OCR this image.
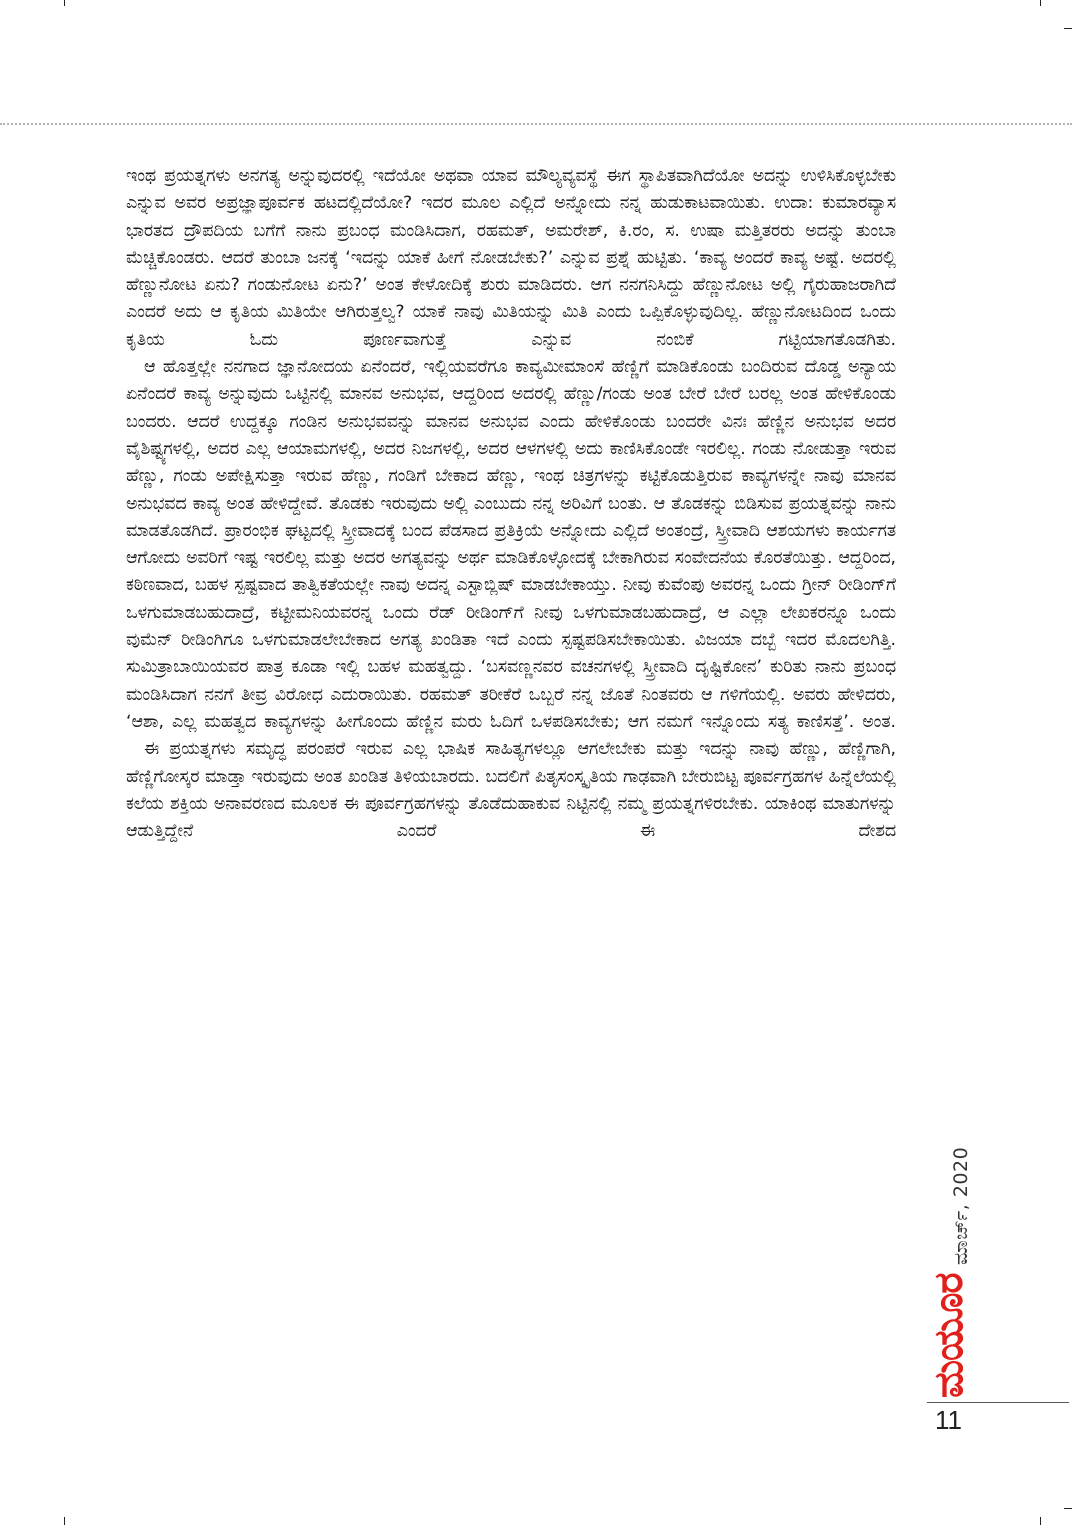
ಇಂಥ ಪ್ರಯತ್ನಗಳು ಅನಗತ್ಯ ಅನ್ನುವುದರಲ್ಲಿ ಇದೆಯೋ ಅಥವಾ ಯಾವ ಮೌಲ್ಯವ್ಯವಸ್ಥೆ ಈಗ ಸ್ಥಾಪಿತವಾಗಿದೆಯೋ ಅದನ್ನು ಉಳಿಸಿಕೊಳ್ಳಬೇಕು ಎನ್ನುವ ಅವರ ಅಪ್ರಜ್ಞಾಪೂರ್ವಕ ಹಟದಲ್ಲಿದೆಯೋ? ಇದರ ಮೂಲ ಎಲ್ಲಿದೆ ಅನ್ನೋದು ನನ್ನ ಹುಡುಕಾಟವಾಯಿತು. ಉದಾ: ಕುಮಾರವ್ಯಾಸ ಭಾರತದ ದ್ರೌಪದಿಯ ಬಗೆಗೆ ನಾನು ಪ್ರಬಂಧ ಮಂಡಿಸಿದಾಗ, ರಹಮತ್, ಅಮರೇಶ್, ಕಿ.ರಂ, ಸ. ಉಷಾ ಮತ್ತಿತರರು ಅದನ್ನು ತುಂಬಾ ಮೆಚ್ಚಿಕೊಂಡರು. ಆದರೆ ತುಂಬಾ ಜನಕ್ಕೆ ‘ಇದನ್ನು ಯಾಕೆ ಹೀಗೆ ನೋಡಬೇಕು?’ ಎನ್ನುವ ಪ್ರಶ್ನೆ ಹುಟ್ಟಿತು. ‘ಕಾವ್ಯ ಅಂದರೆ ಕಾವ್ಯ ಅಷ್ಟೆ. ಅದರಲ್ಲಿ ಹೆಣ್ಣುನೋಟ ಏನು? ಗಂಡುನೋಟ ಏನು?’ ಅಂತ ಕೇಳೋದಿಕ್ಕೆ ಶುರು ಮಾಡಿದರು. ಆಗ ನನಗನಿಸಿದ್ದು ಹೆಣ್ಣುನೋಟ ಅಲ್ಲಿ ಗೈರುಹಾಜರಾಗಿದೆ ಎಂದರೆ ಅದು ಆ ಕೃತಿಯ ಮಿತಿಯೇ ಆಗಿರುತ್ತಲ್ವ? ಯಾಕೆ ನಾವು ಮಿತಿಯನ್ನು ಮಿತಿ ಎಂದು ಒಪ್ಪಿಕೊಳ್ಳುವುದಿಲ್ಲ. ಹೆಣ್ಣುನೋಟದಿಂದ ಒಂದು ಕೃತಿಯ ಓದು ಪೂರ್ಣವಾಗುತ್ತೆ ಎನ್ನುವ ನಂಬಿಕೆ ಗಟ್ಟಿಯಾಗತೊಡಗಿತು.

ಆ ಹೊತ್ತಲ್ಲೇ ನನಗಾದ ಜ್ಞಾನೋದಯ ಏನೆಂದರೆ, ಇಲ್ಲಿಯವರೆಗೂ ಕಾವ್ಯಮೀಮಾಂಸೆ ಹೆಣ್ಣಿಗೆ ಮಾಡಿಕೊಂಡು ಬಂದಿರುವ ದೊಡ್ಡ ಅನ್ಯಾಯ ಏನೆಂದರೆ ಕಾವ್ಯ ಅನ್ನುವುದು ಒಟ್ಟಿನಲ್ಲಿ ಮಾನವ ಅನುಭವ, ಆದ್ದರಿಂದ ಅದರಲ್ಲಿ ಹೆಣ್ಣು/ಗಂಡು ಅಂತ ಬೇರೆ ಬೇರೆ ಬರಲ್ಲ ಅಂತ ಹೇಳಿಕೊಂಡು ಬಂದರು. ಆದರೆ ಉದ್ದಕ್ಕೂ ಗಂಡಿನ ಅನುಭವವನ್ನು ಮಾನವ ಅನುಭವ ಎಂದು ಹೇಳಿಕೊಂಡು ಬಂದರೇ ವಿನಃ ಹೆಣ್ಣಿನ ಅನುಭವ ಅದರ ವೈಶಿಷ್ಟ್ಯಗಳಲ್ಲಿ, ಅದರ ಎಲ್ಲ ಆಯಾಮಗಳಲ್ಲಿ, ಅದರ ನಿಜಗಳಲ್ಲಿ, ಅದರ ಆಳಗಳಲ್ಲಿ ಅದು ಕಾಣಿಸಿಕೊಂಡೇ ಇರಲಿಲ್ಲ. ಗಂಡು ನೋಡುತ್ತಾ ಇರುವ ಹೆಣ್ಣು, ಗಂಡು ಅಪೇಕ್ಷಿಸುತ್ತಾ ಇರುವ ಹೆಣ್ಣು, ಗಂಡಿಗೆ ಬೇಕಾದ ಹೆಣ್ಣು, ಇಂಥ ಚಿತ್ರಗಳನ್ನು ಕಟ್ಟಿಕೊಡುತ್ತಿರುವ ಕಾವ್ಯಗಳನ್ನೇ ನಾವು ಮಾನವ ಅನುಭವದ ಕಾವ್ಯ ಅಂತ ಹೇಳಿದ್ದೇವೆ. ತೊಡಕು ಇರುವುದು ಅಲ್ಲಿ ಎಂಬುದು ನನ್ನ ಅರಿವಿಗೆ ಬಂತು. ಆ ತೊಡಕನ್ನು ಬಿಡಿಸುವ ಪ್ರಯತ್ನವನ್ನು ನಾನು ಮಾಡತೊಡಗಿದೆ. ಪ್ರಾರಂಭಿಕ ಘಟ್ಟದಲ್ಲಿ ಸ್ತ್ರೀವಾದಕ್ಕೆ ಬಂದ ಪೆಡಸಾದ ಪ್ರತಿಕ್ರಿಯೆ ಅನ್ನೋದು ಎಲ್ಲಿದೆ ಅಂತಂದ್ರೆ, ಸ್ತ್ರೀವಾದಿ ಆಶಯಗಳು ಕಾರ್ಯಗತ ಆಗೋದು ಅವರಿಗೆ ಇಷ್ಟ ಇರಲಿಲ್ಲ ಮತ್ತು ಅದರ ಅಗತ್ಯವನ್ನು ಅರ್ಥ ಮಾಡಿಕೊಳ್ಳೋದಕ್ಕೆ ಬೇಕಾಗಿರುವ ಸಂವೇದನೆಯ ಕೊರತೆಯಿತ್ತು. ಆದ್ದರಿಂದ, ಕಠಿಣವಾದ, ಬಹಳ ಸ್ಪಷ್ಟವಾದ ತಾತ್ವಿಕತೆಯಲ್ಲೇ ನಾವು ಅದನ್ನ ಎಸ್ಟಾಬ್ಲಿಷ್ ಮಾಡಬೇಕಾಯ್ತು. ನೀವು ಕುವೆಂಪು ಅವರನ್ನ ಒಂದು ಗ್ರೀನ್ ರೀಡಿಂಗ್‌ಗೆ ಒಳಗುಮಾಡಬಹುದಾದ್ರೆ, ಕಟ್ಟೀಮನಿಯವರನ್ನ ಒಂದು ರೆಡ್ ರೀಡಿಂಗ್‌ಗೆ ನೀವು ಒಳಗುಮಾಡಬಹುದಾದ್ರೆ, ಆ ಎಲ್ಲಾ ಲೇಖಕರನ್ನೂ ಒಂದು ವುಮೆನ್ ರೀಡಿಂಗಿಗೂ ಒಳಗುಮಾಡಲೇಬೇಕಾದ ಅಗತ್ಯ ಖಂಡಿತಾ ಇದೆ ಎಂದು ಸ್ಪಷ್ಟಪಡಿಸಬೇಕಾಯಿತು. ವಿಜಯಾ ದಬ್ಬೆ ಇದರ ಮೊದಲಗಿತ್ತಿ. ಸುಮಿತ್ರಾಬಾಯಿಯವರ ಪಾತ್ರ ಕೂಡಾ ಇಲ್ಲಿ ಬಹಳ ಮಹತ್ವದ್ದು. ‘ಬಸವಣ್ಣನವರ ವಚನಗಳಲ್ಲಿ ಸ್ತ್ರೀವಾದಿ ದೃಷ್ಟಿಕೋನ’ ಕುರಿತು ನಾನು ಪ್ರಬಂಧ ಮಂಡಿಸಿದಾಗ ನನಗೆ ತೀವ್ರ ವಿರೋಧ ಎದುರಾಯಿತು. ರಹಮತ್ ತರೀಕೆರೆ ಒಬ್ಬರೆ ನನ್ನ ಜೊತೆ ನಿಂತವರು ಆ ಗಳಿಗೆಯಲ್ಲಿ. ಅವರು ಹೇಳಿದರು, ‘ಆಶಾ, ಎಲ್ಲ ಮಹತ್ವದ ಕಾವ್ಯಗಳನ್ನು ಹೀಗೊಂದು ಹೆಣ್ಣಿನ ಮರು ಓದಿಗೆ ಒಳಪಡಿಸಬೇಕು; ಆಗ ನಮಗೆ ಇನ್ನೊಂದು ಸತ್ಯ ಕಾಣಿಸತ್ತೆ’. ಅಂತ.

ಈ ಪ್ರಯತ್ನಗಳು ಸಮೃದ್ಧ ಪರಂಪರೆ ಇರುವ ಎಲ್ಲ ಭಾಷಿಕ ಸಾಹಿತ್ಯಗಳಲ್ಲೂ ಆಗಲೇಬೇಕು ಮತ್ತು ಇದನ್ನು ನಾವು ಹೆಣ್ಣು, ಹೆಣ್ಣಿಗಾಗಿ, ಹೆಣ್ಣಿಗೋಸ್ಕರ ಮಾಡ್ತಾ ಇರುವುದು ಅಂತ ಖಂಡಿತ ತಿಳಿಯಬಾರದು. ಬದಲಿಗೆ ಪಿತೃಸಂಸ್ಕೃತಿಯ ಗಾಢವಾಗಿ ಬೇರುಬಿಟ್ಟ ಪೂರ್ವಗ್ರಹಗಳ ಹಿನ್ನೆಲೆಯಲ್ಲಿ ಕಲೆಯ ಶಕ್ತಿಯ ಅನಾವರಣದ ಮೂಲಕ ಈ ಪೂರ್ವಗ್ರಹಗಳನ್ನು ತೊಡೆದುಹಾಕುವ ನಿಟ್ಟಿನಲ್ಲಿ ನಮ್ಮ ಪ್ರಯತ್ನಗಳಿರಬೇಕು. ಯಾಕಿಂಥ ಮಾತುಗಳನ್ನು ಆಡುತ್ತಿದ್ದೇನೆ ಎಂದರೆ ಈ ದೇಶದ

ಮಾರ್ಚ್, 2020
ಮಯೂರ
11
